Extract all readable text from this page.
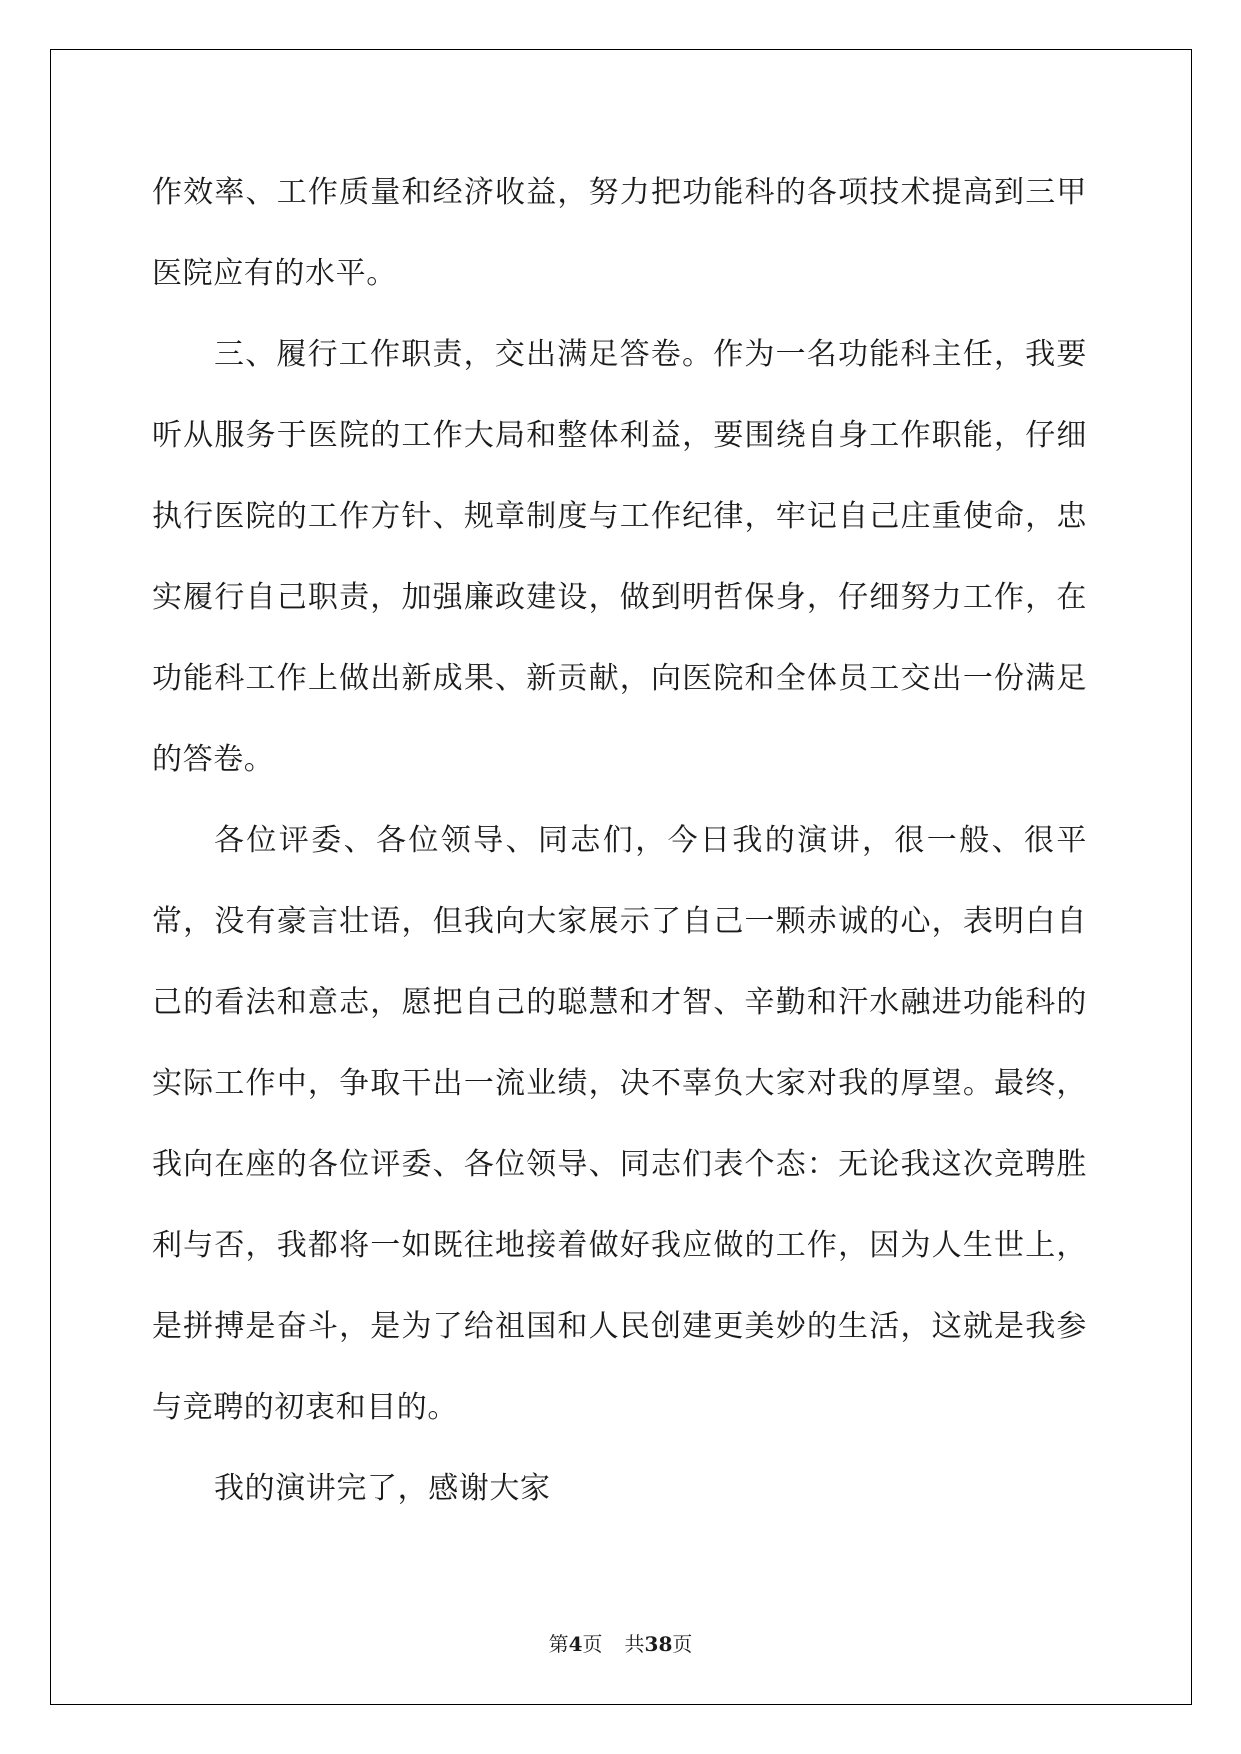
作效率、工作质量和经济收益，努力把功能科的各项技术提高到三甲医院应有的水平。

三、履行工作职责，交出满足答卷。作为一名功能科主任，我要听从服务于医院的工作大局和整体利益，要围绕自身工作职能，仔细执行医院的工作方针、规章制度与工作纪律，牢记自己庄重使命，忠实履行自己职责，加强廉政建设，做到明哲保身，仔细努力工作，在功能科工作上做出新成果、新贡献，向医院和全体员工交出一份满足的答卷。

各位评委、各位领导、同志们，今日我的演讲，很一般、很平常，没有豪言壮语，但我向大家展示了自己一颗赤诚的心，表明白自己的看法和意志，愿把自己的聪慧和才智、辛勤和汗水融进功能科的实际工作中，争取干出一流业绩，决不辜负大家对我的厚望。最终，我向在座的各位评委、各位领导、同志们表个态：无论我这次竞聘胜利与否，我都将一如既往地接着做好我应做的工作，因为人生世上，是拼搏是奋斗，是为了给祖国和人民创建更美妙的生活，这就是我参与竞聘的初衷和目的。

我的演讲完了，感谢大家

第4页 共38页
